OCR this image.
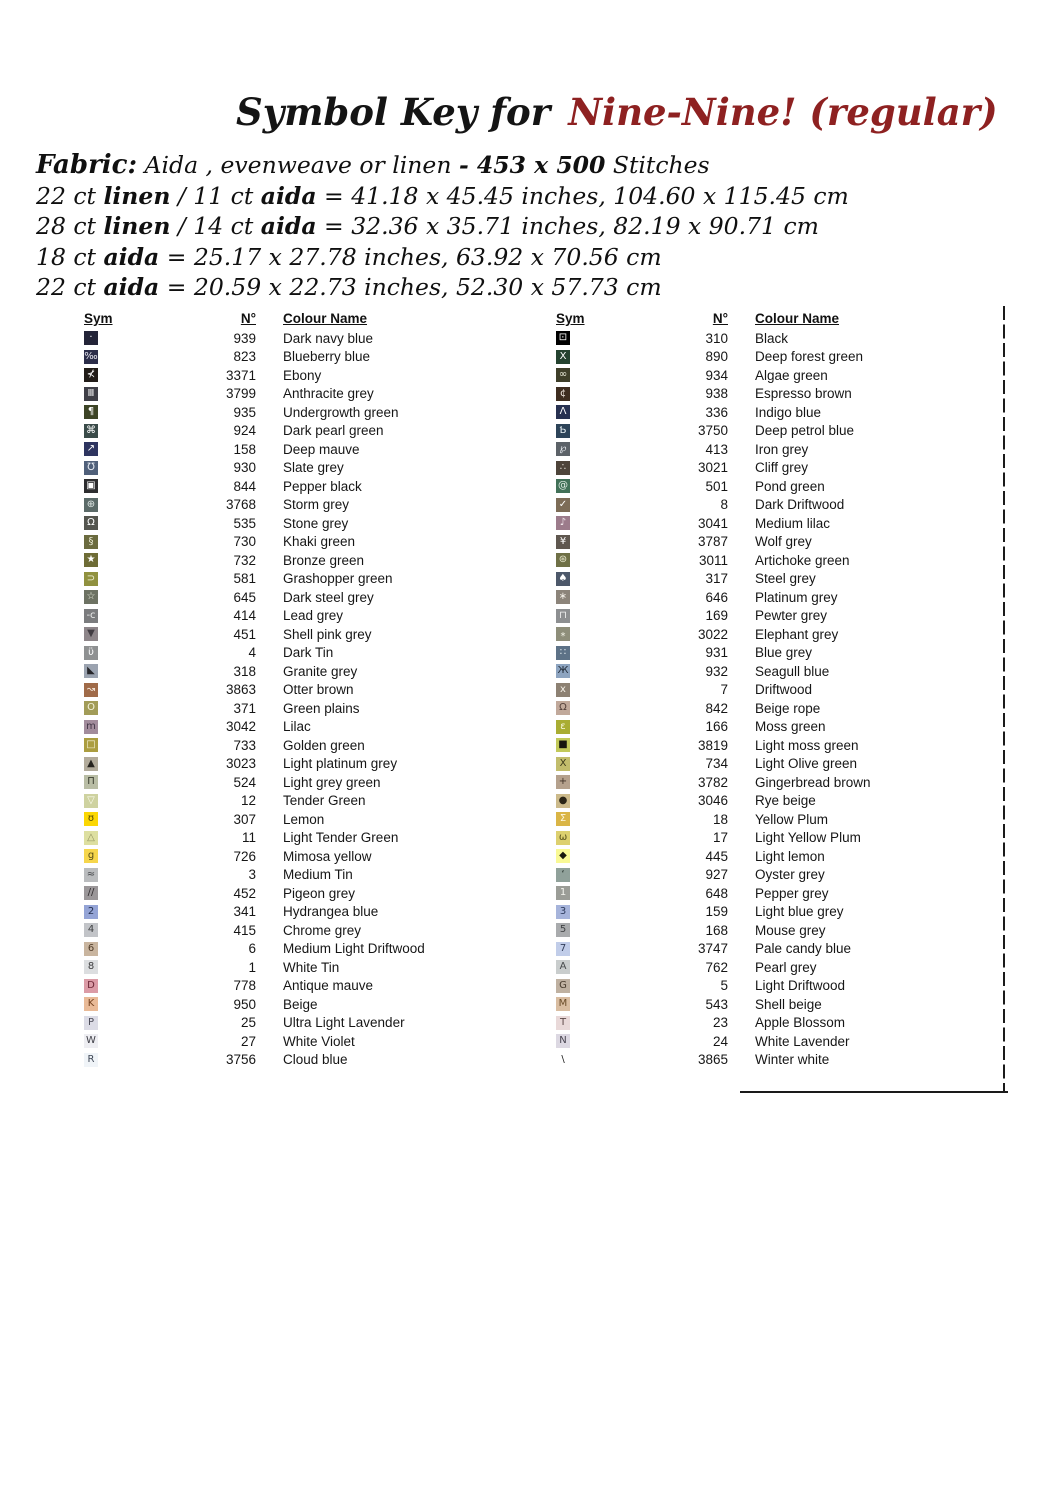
Symbol Key for Nine-Nine! (regular)
Fabric: Aida , evenweave or linen - 453 x 500 Stitches
22 ct linen / 11 ct aida = 41.18 x 45.45 inches, 104.60 x 115.45 cm
28 ct linen / 14 ct aida = 32.36 x 35.71 inches, 82.19 x 90.71 cm
18 ct aida = 25.17 x 27.78 inches, 63.92 x 70.56 cm
22 ct aida = 20.59 x 22.73 inches, 52.30 x 57.73 cm
Sym	N° Colour Name
·	939 Dark navy blue
‰	823 Blueberry blue
⊀	3371 Ebony
Ⅲ	3799 Anthracite grey
¶	935 Undergrowth green
⌘	924 Dark pearl green
↗	158 Deep mauve
℧	930 Slate grey
▣	844 Pepper black
⊕	3768 Storm grey
Ω	535 Stone grey
§	730 Khaki green
★	732 Bronze green
⊃	581 Grashopper green
☆	645 Dark steel grey
-c	414 Lead grey
▼	451 Shell pink grey
ϋ	4 Dark Tin
◣	318 Granite grey
↝	3863 Otter brown
O	371 Green plains
m	3042 Lilac
□	733 Golden green
▲	3023 Light platinum grey
Π	524 Light grey green
▽	12 Tender Green
ʊ	307 Lemon
△	11 Light Tender Green
g	726 Mimosa yellow
≈	3 Medium Tin
//	452 Pigeon grey
2	341 Hydrangea blue
4	415 Chrome grey
6	6 Medium Light Driftwood
8	1 White Tin
D	778 Antique mauve
K	950 Beige
P	25 Ultra Light Lavender
W	27 White Violet
R	3756 Cloud blue
Sym	N° Colour Name
⊡	310 Black
X	890 Deep forest green
∞	934 Algae green
¢	938 Espresso brown
Ʌ	336 Indigo blue
Ƅ	3750 Deep petrol blue
℘	413 Iron grey
∴	3021 Cliff grey
@	501 Pond green
✓	8 Dark Driftwood
♪	3041 Medium lilac
¥	3787 Wolf grey
⊛	3011 Artichoke green
♠	317 Steel grey
∗	646 Platinum grey
⊓	169 Pewter grey
⁎	3022 Elephant grey
∷	931 Blue grey
Ж	932 Seagull blue
x	7 Driftwood
Ω	842 Beige rope
ε	166 Moss green
■	3819 Light moss green
X	734 Light Olive green
+	3782 Gingerbread brown
●	3046 Rye beige
Σ	18 Yellow Plum
ω	17 Light Yellow Plum
◆	445 Light lemon
‘	927 Oyster grey
1	648 Pepper grey
3	159 Light blue grey
5	168 Mouse grey
7	3747 Pale candy blue
A	762 Pearl grey
G	5 Light Driftwood
M	543 Shell beige
T	23 Apple Blossom
N	24 White Lavender
\	3865 Winter white
